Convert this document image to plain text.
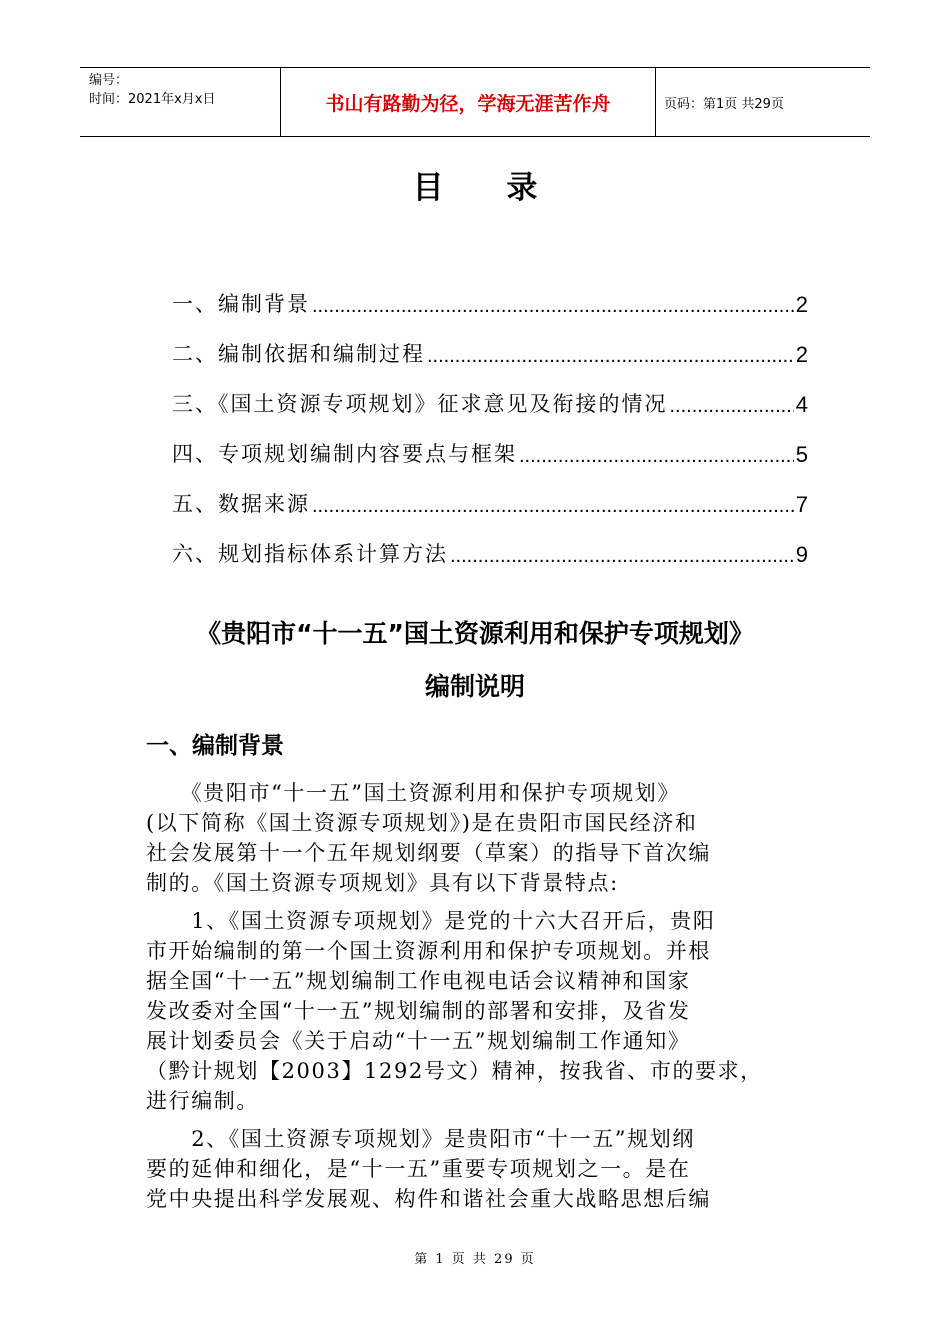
编号：
时间：2021年x月x日	书山有路勤为径，学海无涯苦作舟	页码：第1页 共29页
目 录
一、编制背景 .....	2
二、编制依据和编制过程 .....	2
三、《国土资源专项规划》征求意见及衔接的情况 .....	4
四、专项规划编制内容要点与框架 .....	5
五、数据来源 .....	7
六、规划指标体系计算方法 .....	9
《贵阳市“十一五”国土资源利用和保护专项规划》
编制说明
一、编制背景
　　《贵阳市“十一五”国土资源利用和保护专项规划》
(以下简称《国土资源专项规划》)是在贵阳市国民经济和
社会发展第十一个五年规划纲要（草案）的指导下首次编
制的。《国土资源专项规划》具有以下背景特点:
　　1、《国土资源专项规划》是党的十六大召开后，贵阳
市开始编制的第一个国土资源利用和保护专项规划。并根
据全国“十一五”规划编制工作电视电话会议精神和国家
发改委对全国“十一五”规划编制的部署和安排，及省发
展计划委员会《关于启动“十一五”规划编制工作通知》
（黔计规划【2003】1292号文）精神，按我省、市的要求，
进行编制。
　　2、《国土资源专项规划》是贵阳市“十一五”规划纲
要的延伸和细化，是“十一五”重要专项规划之一。是在
党中央提出科学发展观、构件和谐社会重大战略思想后编
第 1 页 共 29 页
